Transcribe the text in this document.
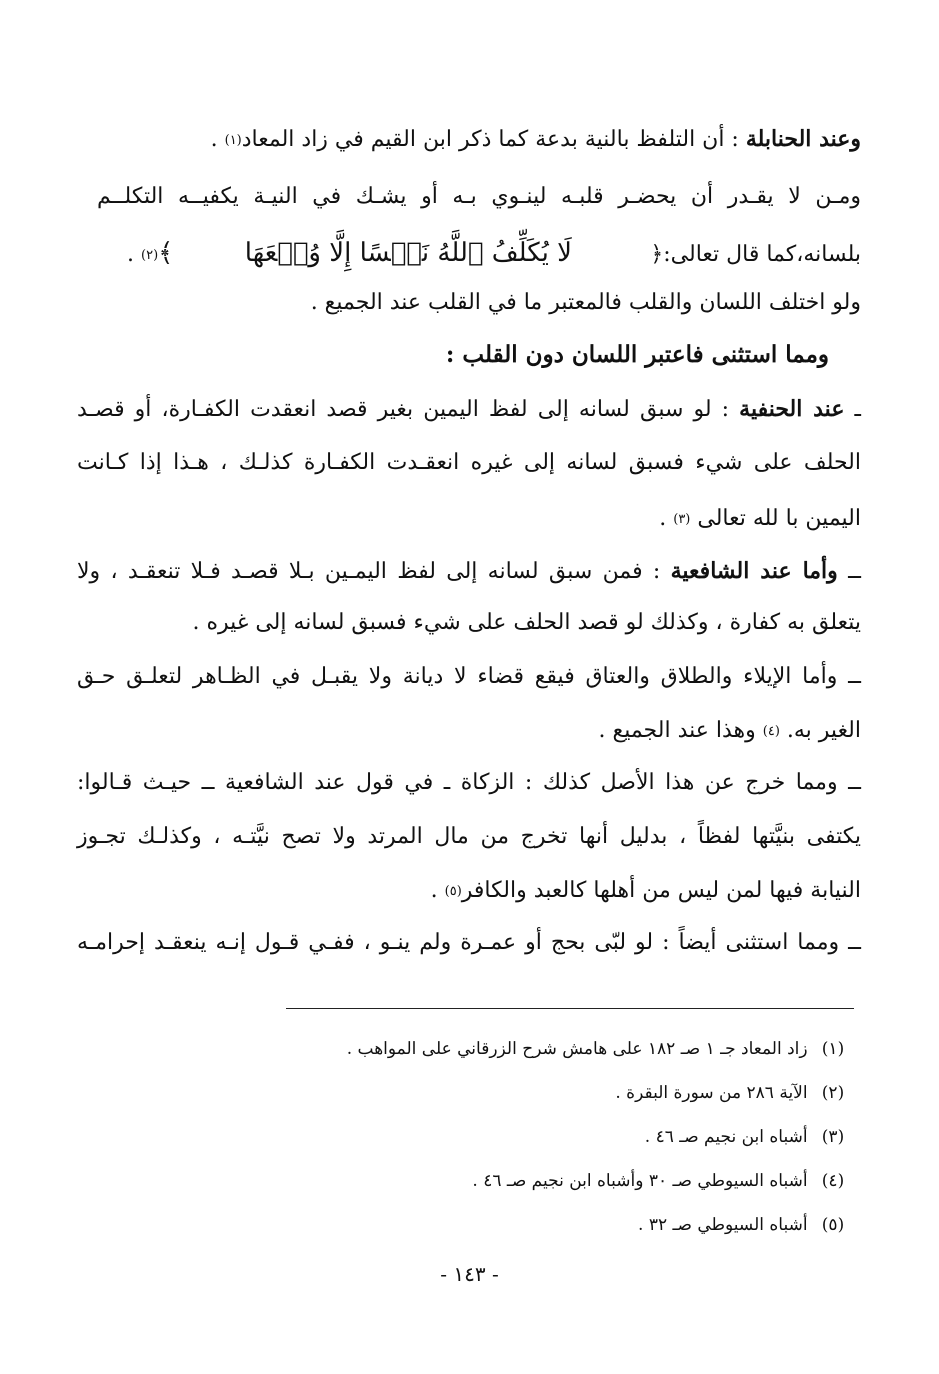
وعند الحنابلة : أن التلفظ بالنية بدعة كما ذكر ابن القيم في زاد المعاد(١) .
ومـن لا يقـدر أن يحضـر قلبـه لينـوي بـه أو يشـك في النيـة يكفيــه التكلــم
بلسانه،كما قال تعالى:﴿ لَا يُكَلِّفُ ٱللَّهُ نَفۡسًا إِلَّا وُسۡعَهَا﴾(٢) .
ولو اختلف اللسان والقلب فالمعتبر ما في القلب عند الجميع .
ومما استثنى فاعتبر اللسان دون القلب :
ـ عند الحنفية : لو سبق لسانه إلى لفظ اليمين بغير قصد انعقدت الكفـارة، أو قصـد
الحلف على شيء فسبق لسانه إلى غيره انعقـدت الكفـارة كذلـك ، هـذا إذا كـانت
اليمين با لله تعالى (٣) .
ــ وأما عند الشافعية : فمن سبق لسانه إلى لفظ اليمـين بـلا قصـد فـلا تنعقـد ، ولا
يتعلق به كفارة ، وكذلك لو قصد الحلف على شيء فسبق لسانه إلى غيره .
ــ وأما الإيلاء والطلاق والعتاق فيقع قضاء لا ديانة ولا يقبـل في الظـاهر لتعلـق حـق
الغير به. (٤) وهذا عند الجميع .
ــ ومما خرج عن هذا الأصل كذلك : الزكاة ـ في قول عند الشافعية ــ حيـث قـالوا:
يكتفى بنيَّتها لفظاً ، بدليل أنها تخرج من مال المرتد ولا تصح نيَّتـه ، وكذلـك تجـوز
النيابة فيها لمن ليس من أهلها كالعبد والكافر(٥) .
ــ ومما استثنى أيضاً : لو لبّى بحج أو عمـرة ولم ينـو ، ففـي قـول إنـه ينعقـد إحرامـه
(١) زاد المعاد جـ ١ صـ ١٨٢ على هامش شرح الزرقاني على المواهب .
(٢) الآية ٢٨٦ من سورة البقرة .
(٣) أشباه ابن نجيم صـ ٤٦ .
(٤) أشباه السيوطي صـ ٣٠ وأشباه ابن نجيم صـ ٤٦ .
(٥) أشباه السيوطي صـ ٣٢ .
- ١٤٣ -
